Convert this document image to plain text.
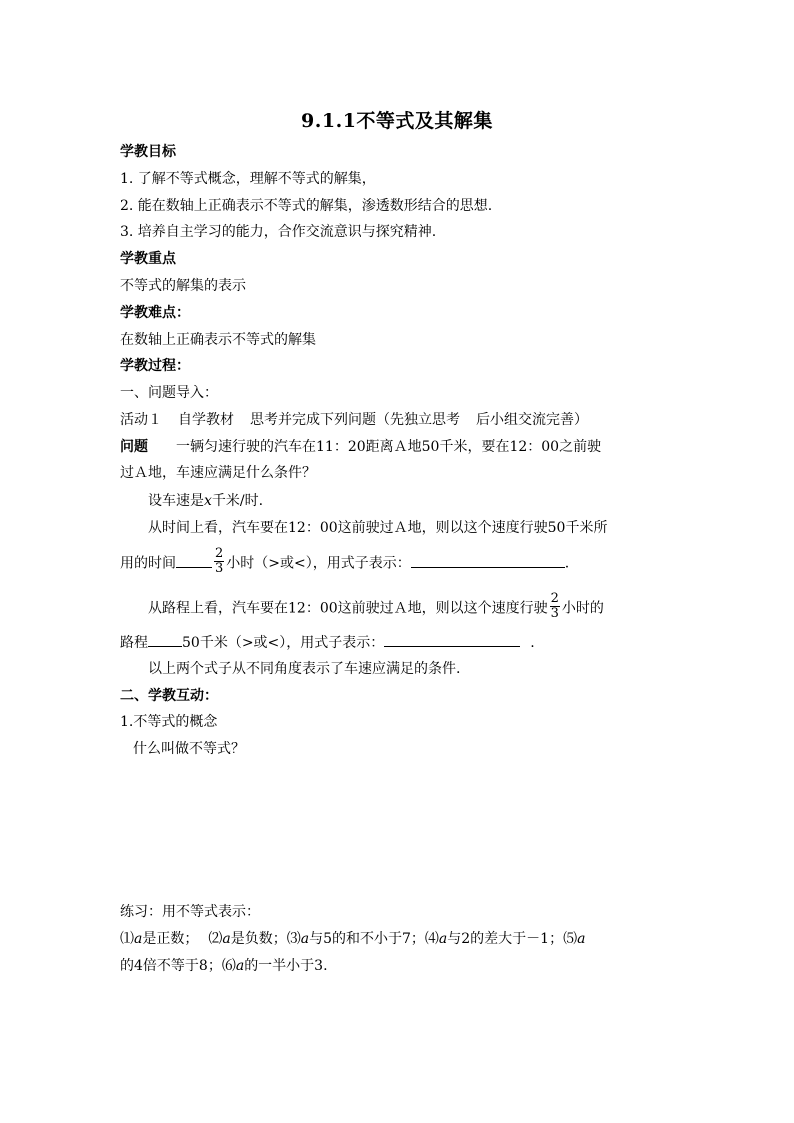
9.1.1不等式及其解集
学教目标
1. 了解不等式概念，理解不等式的解集，
2. 能在数轴上正确表示不等式的解集，渗透数形结合的思想.
3. 培养自主学习的能力，合作交流意识与探究精神.
学教重点
不等式的解集的表示
学教难点：
在数轴上正确表示不等式的解集
学教过程：
一、问题导入：
活动１ 自学教材 思考并完成下列问题（先独立思考 后小组交流完善）
问题 一辆匀速行驶的汽车在11：20距离Ａ地50千米，要在12：00之前驶
过Ａ地，车速应满足什么条件？
设车速是x千米/时.
从时间上看，汽车要在12：00这前驶过Ａ地，则以这个速度行驶50千米所
用的时间	$\frac{2}{3}$ 小时（>或<），用式子表示：	.
从路程上看，汽车要在12：00这前驶过Ａ地，则以这个速度行驶 $\frac{2}{3}$ 小时的
路程 50千米（>或<），用式子表示：	.
以上两个式子从不同角度表示了车速应满足的条件.
二、学教互动：
1.不等式的概念
什么叫做不等式？
练习：用不等式表示：
⑴a是正数； ⑵a是负数；⑶a与5的和不小于7；⑷a与2的差大于－1；⑸a
的4倍不等于8；⑹a的一半小于3.
